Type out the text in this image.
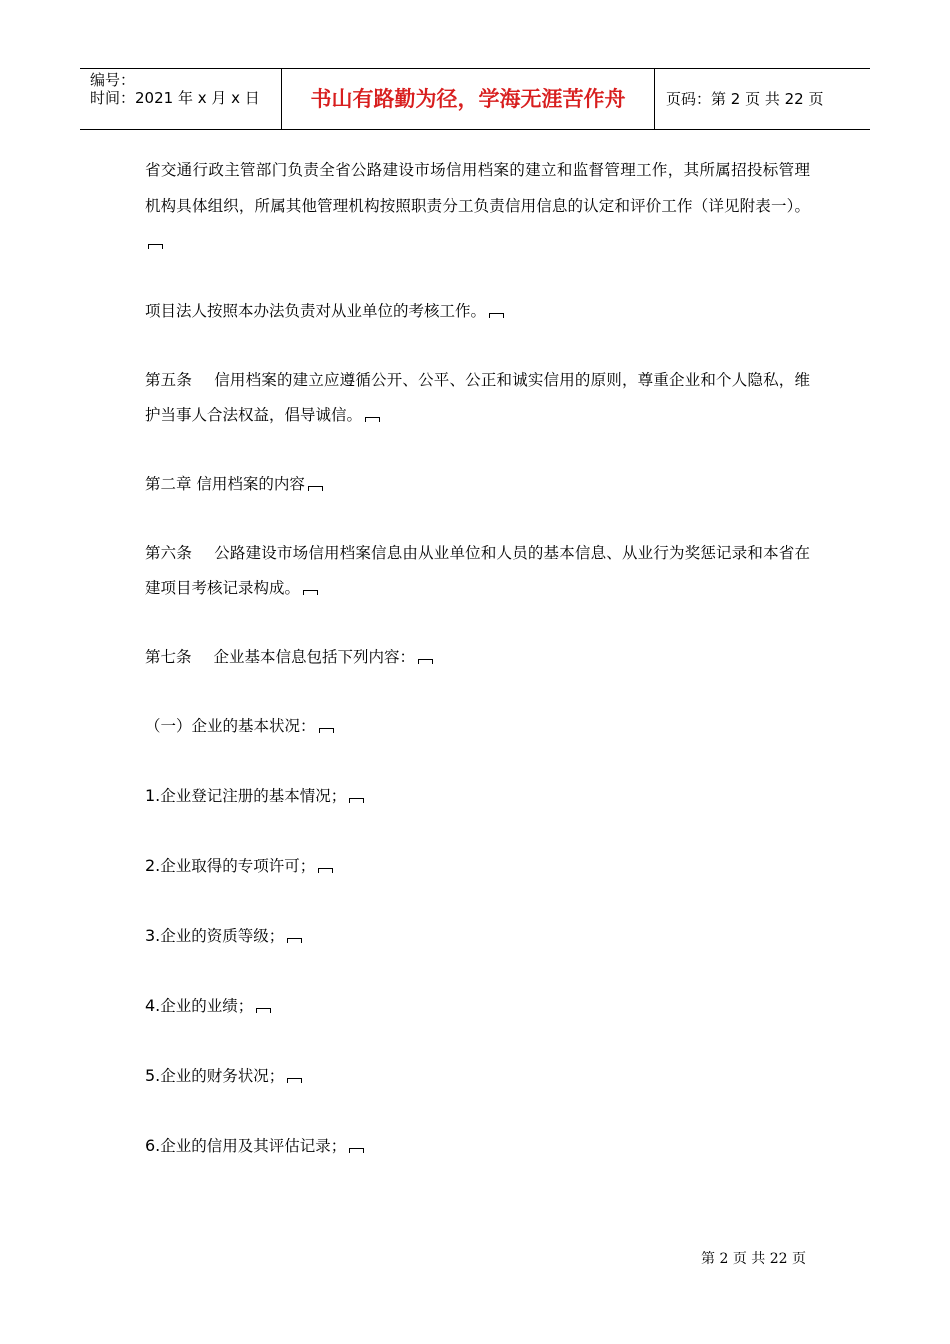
编号：
时间：2021 年 x 月 x 日	书山有路勤为径，学海无涯苦作舟	页码：第 2 页 共 22 页

省交通行政主管部门负责全省公路建设市场信用档案的建立和监督管理工作，其所属招投标管理机构具体组织，所属其他管理机构按照职责分工负责信用信息的认定和评价工作（详见附表一）。

项目法人按照本办法负责对从业单位的考核工作。

第五条 信用档案的建立应遵循公开、公平、公正和诚实信用的原则，尊重企业和个人隐私，维护当事人合法权益，倡导诚信。

第二章 信用档案的内容

第六条 公路建设市场信用档案信息由从业单位和人员的基本信息、从业行为奖惩记录和本省在建项目考核记录构成。

第七条 企业基本信息包括下列内容：

（一）企业的基本状况：

1.企业登记注册的基本情况；

2.企业取得的专项许可；

3.企业的资质等级；

4.企业的业绩；

5.企业的财务状况；

6.企业的信用及其评估记录；

第 2 页 共 22 页
